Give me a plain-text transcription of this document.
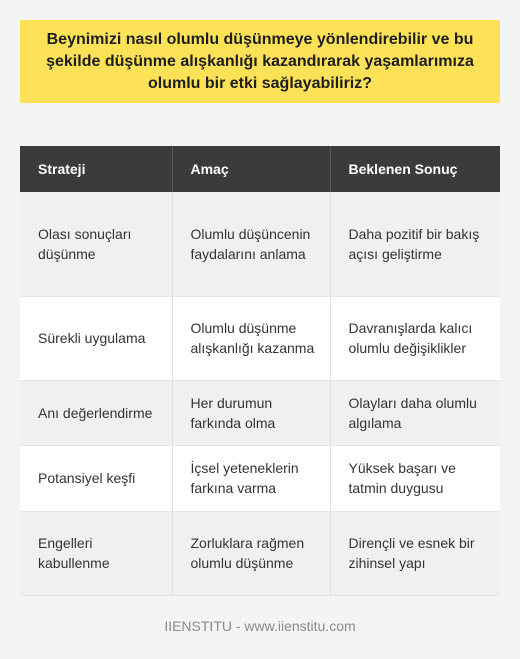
Beynimizi nasıl olumlu düşünmeye yönlendirebilir ve bu şekilde düşünme alışkanlığı kazandırarak yaşamlarımıza olumlu bir etki sağlayabiliriz?
Strateji	Amaç	Beklenen Sonuç
Olası sonuçları düşünme	Olumlu düşüncenin faydalarını anlama	Daha pozitif bir bakış açısı geliştirme
Sürekli uygulama	Olumlu düşünme alışkanlığı kazanma	Davranışlarda kalıcı olumlu değişiklikler
Anı değerlendirme	Her durumun farkında olma	Olayları daha olumlu algılama
Potansiyel keşfi	İçsel yeteneklerin farkına varma	Yüksek başarı ve tatmin duygusu
Engelleri kabullenme	Zorluklara rağmen olumlu düşünme	Dirençli ve esnek bir zihinsel yapı
IIENSTITU - www.iienstitu.com
